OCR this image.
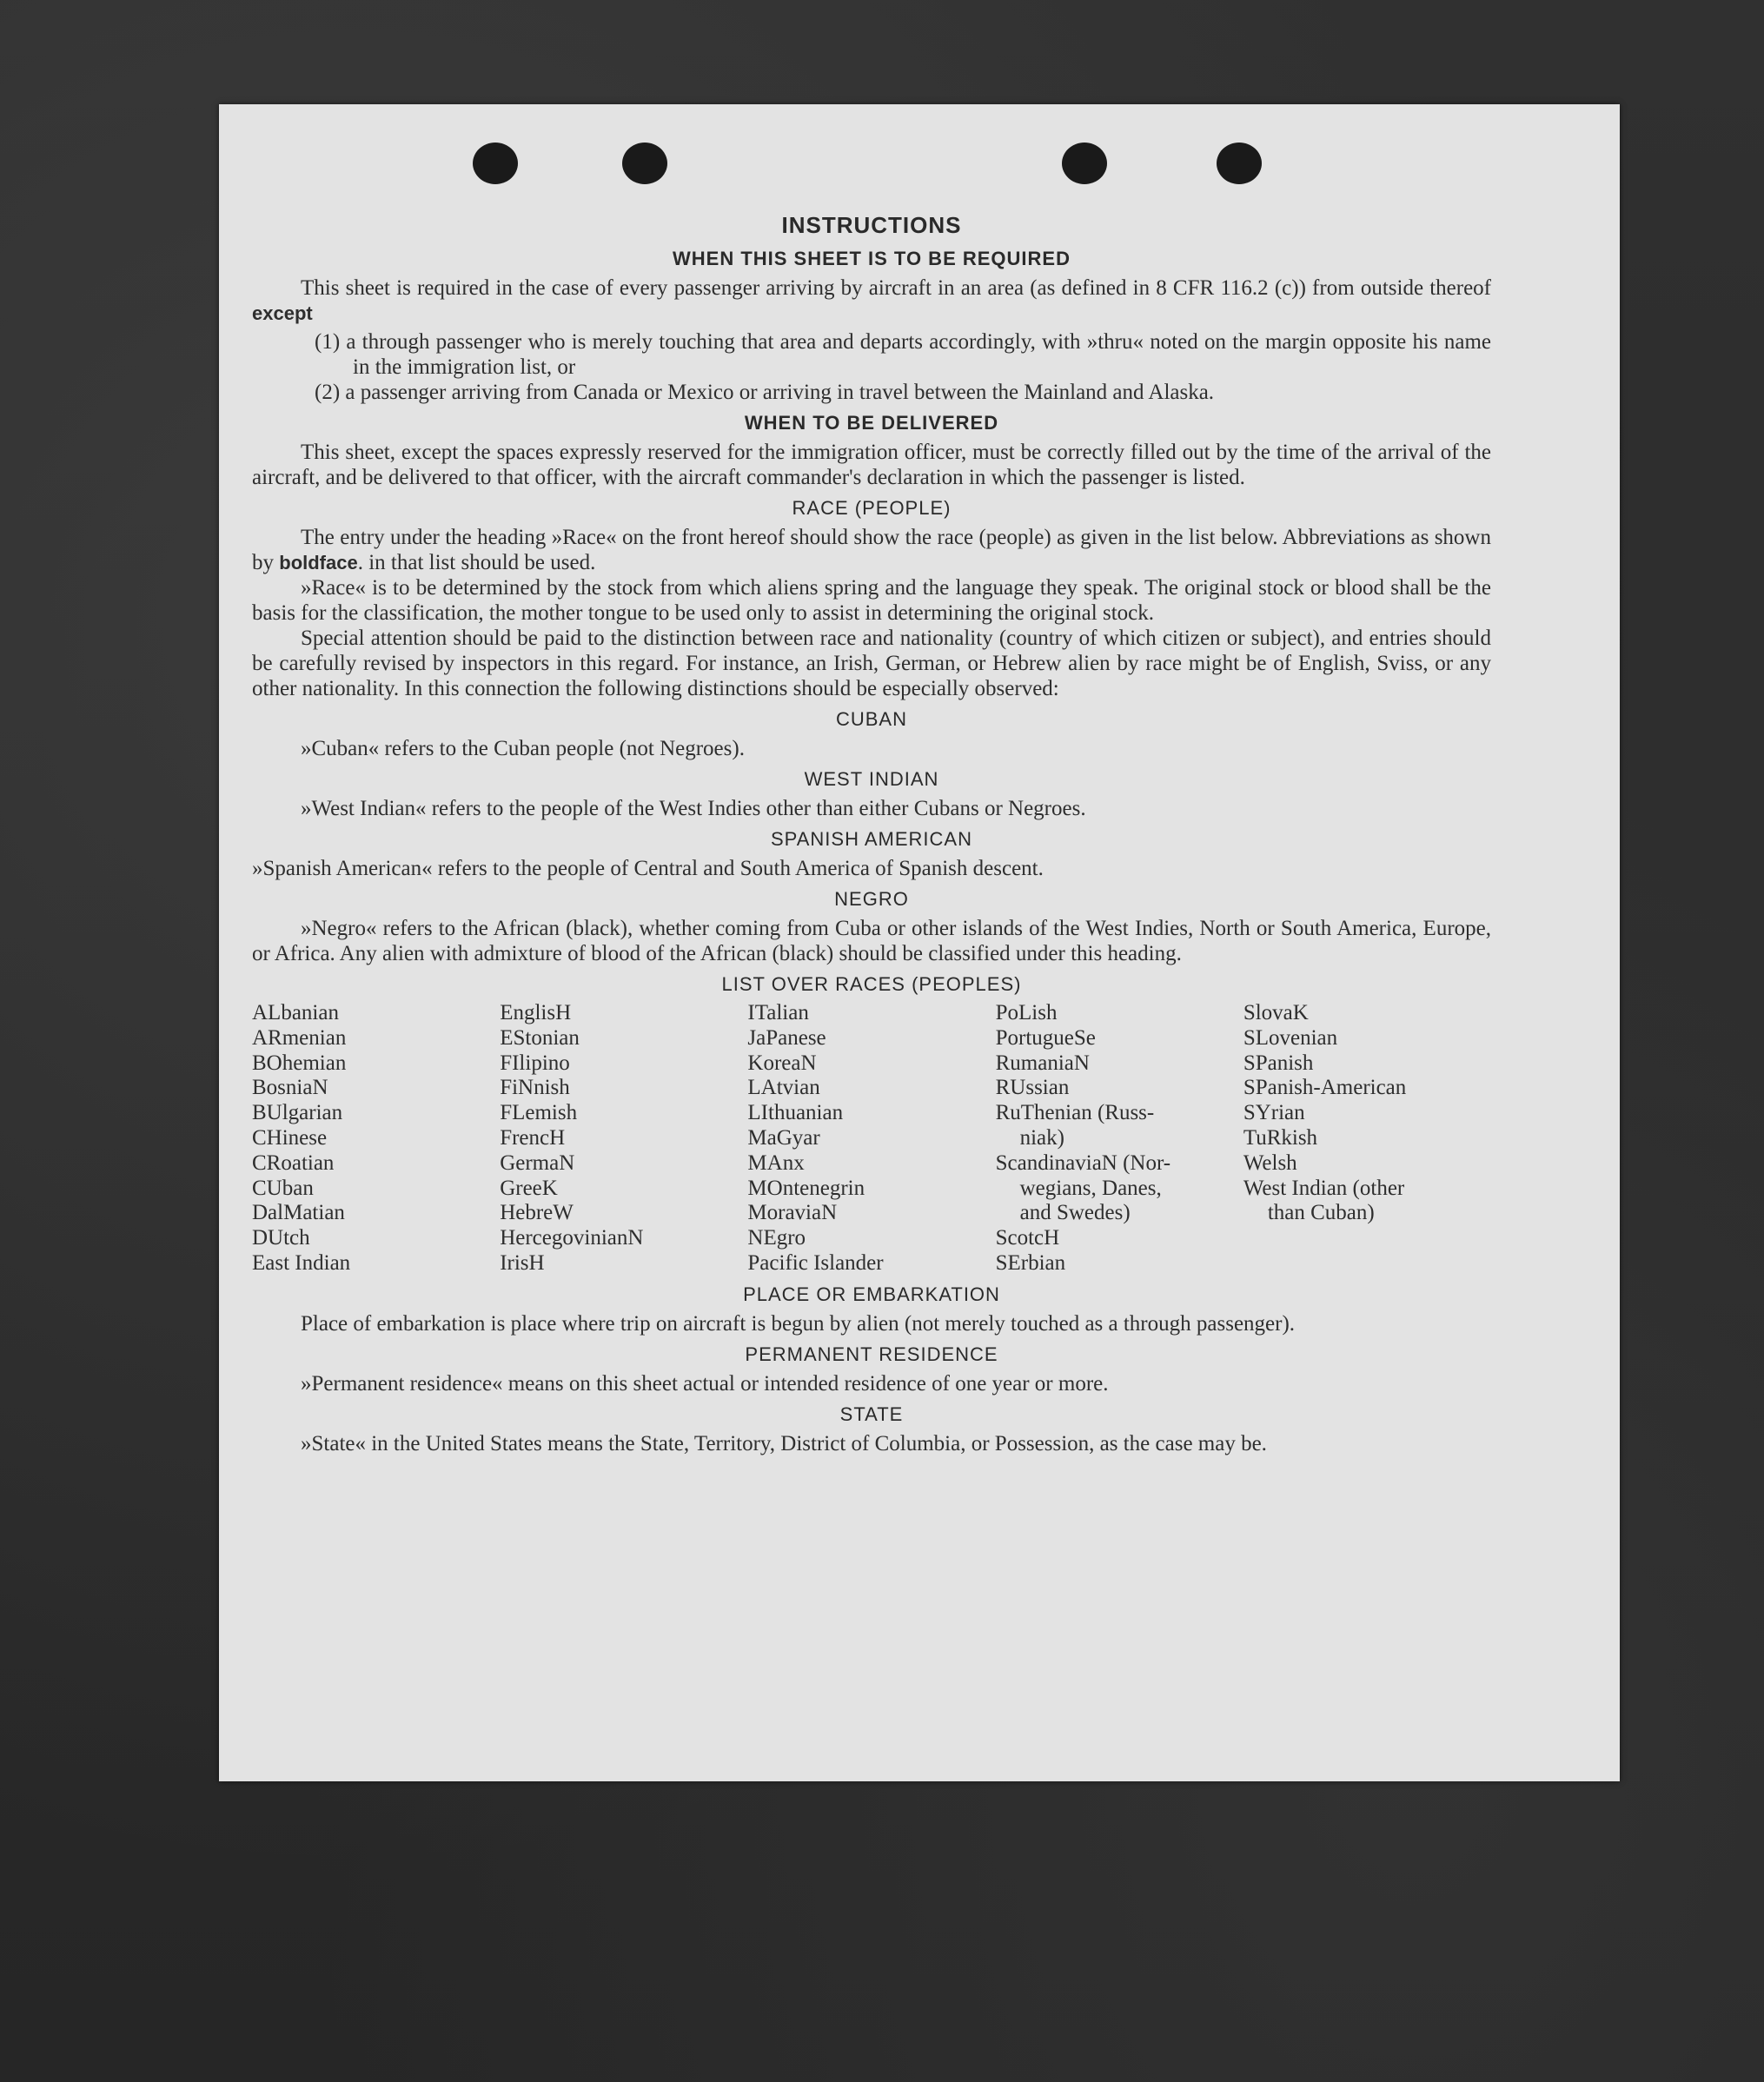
INSTRUCTIONS
WHEN THIS SHEET IS TO BE REQUIRED

This sheet is required in the case of every passenger arriving by aircraft in an area (as defined in 8 CFR 116.2 (c)) from outside thereof except

(1) a through passenger who is merely touching that area and departs accordingly, with »thru« noted on the margin opposite his name in the immigration list, or

(2) a passenger arriving from Canada or Mexico or arriving in travel between the Mainland and Alaska.

WHEN TO BE DELIVERED

This sheet, except the spaces expressly reserved for the immigration officer, must be correctly filled out by the time of the arrival of the aircraft, and be delivered to that officer, with the aircraft commander's declaration in which the passenger is listed.

RACE (PEOPLE)

The entry under the heading »Race« on the front hereof should show the race (people) as given in the list below. Abbreviations as shown by boldface. in that list should be used.

»Race« is to be determined by the stock from which aliens spring and the language they speak. The original stock or blood shall be the basis for the classification, the mother tongue to be used only to assist in determining the original stock.

Special attention should be paid to the distinction between race and nationality (country of which citizen or subject), and entries should be carefully revised by inspectors in this regard. For instance, an Irish, German, or Hebrew alien by race might be of English, Sviss, or any other nationality. In this connection the following distinctions should be especially observed:

CUBAN

»Cuban« refers to the Cuban people (not Negroes).

WEST INDIAN

»West Indian« refers to the people of the West Indies other than either Cubans or Negroes.

SPANISH AMERICAN

»Spanish American« refers to the people of Central and South America of Spanish descent.

NEGRO

»Negro« refers to the African (black), whether coming from Cuba or other islands of the West Indies, North or South America, Europe, or Africa. Any alien with admixture of blood of the African (black) should be classified under this heading.

LIST OVER RACES (PEOPLES)
ALbanian
ARmenian
BOhemian
BosniaN
BUlgarian
CHinese
CRoatian
CUban
DalMatian
DUtch
East Indian
EnglisH
EStonian
FIlipino
FiNnish
FLemish
FrencH
GermaN
GreeK
HebreW
HercegovinianN
IrisH
ITalian
JaPanese
KoreaN
LAtvian
LIthuanian
MaGyar
MAnx
MOntenegrin
MoraviaN
NEgro
Pacific Islander
PoLish
PortugueSe
RumaniaN
RUssian
RuThenian (Russ-
niak)
ScandinaviaN (Nor-
wegians, Danes,
and Swedes)
ScotcH
SErbian
SlovaK
SLovenian
SPanish
SPanish-American
SYrian
TuRkish
Welsh
West Indian (other
than Cuban)
PLACE OR EMBARKATION

Place of embarkation is place where trip on aircraft is begun by alien (not merely touched as a through passenger).

PERMANENT RESIDENCE

»Permanent residence« means on this sheet actual or intended residence of one year or more.

STATE

»State« in the United States means the State, Territory, District of Columbia, or Possession, as the case may be.
